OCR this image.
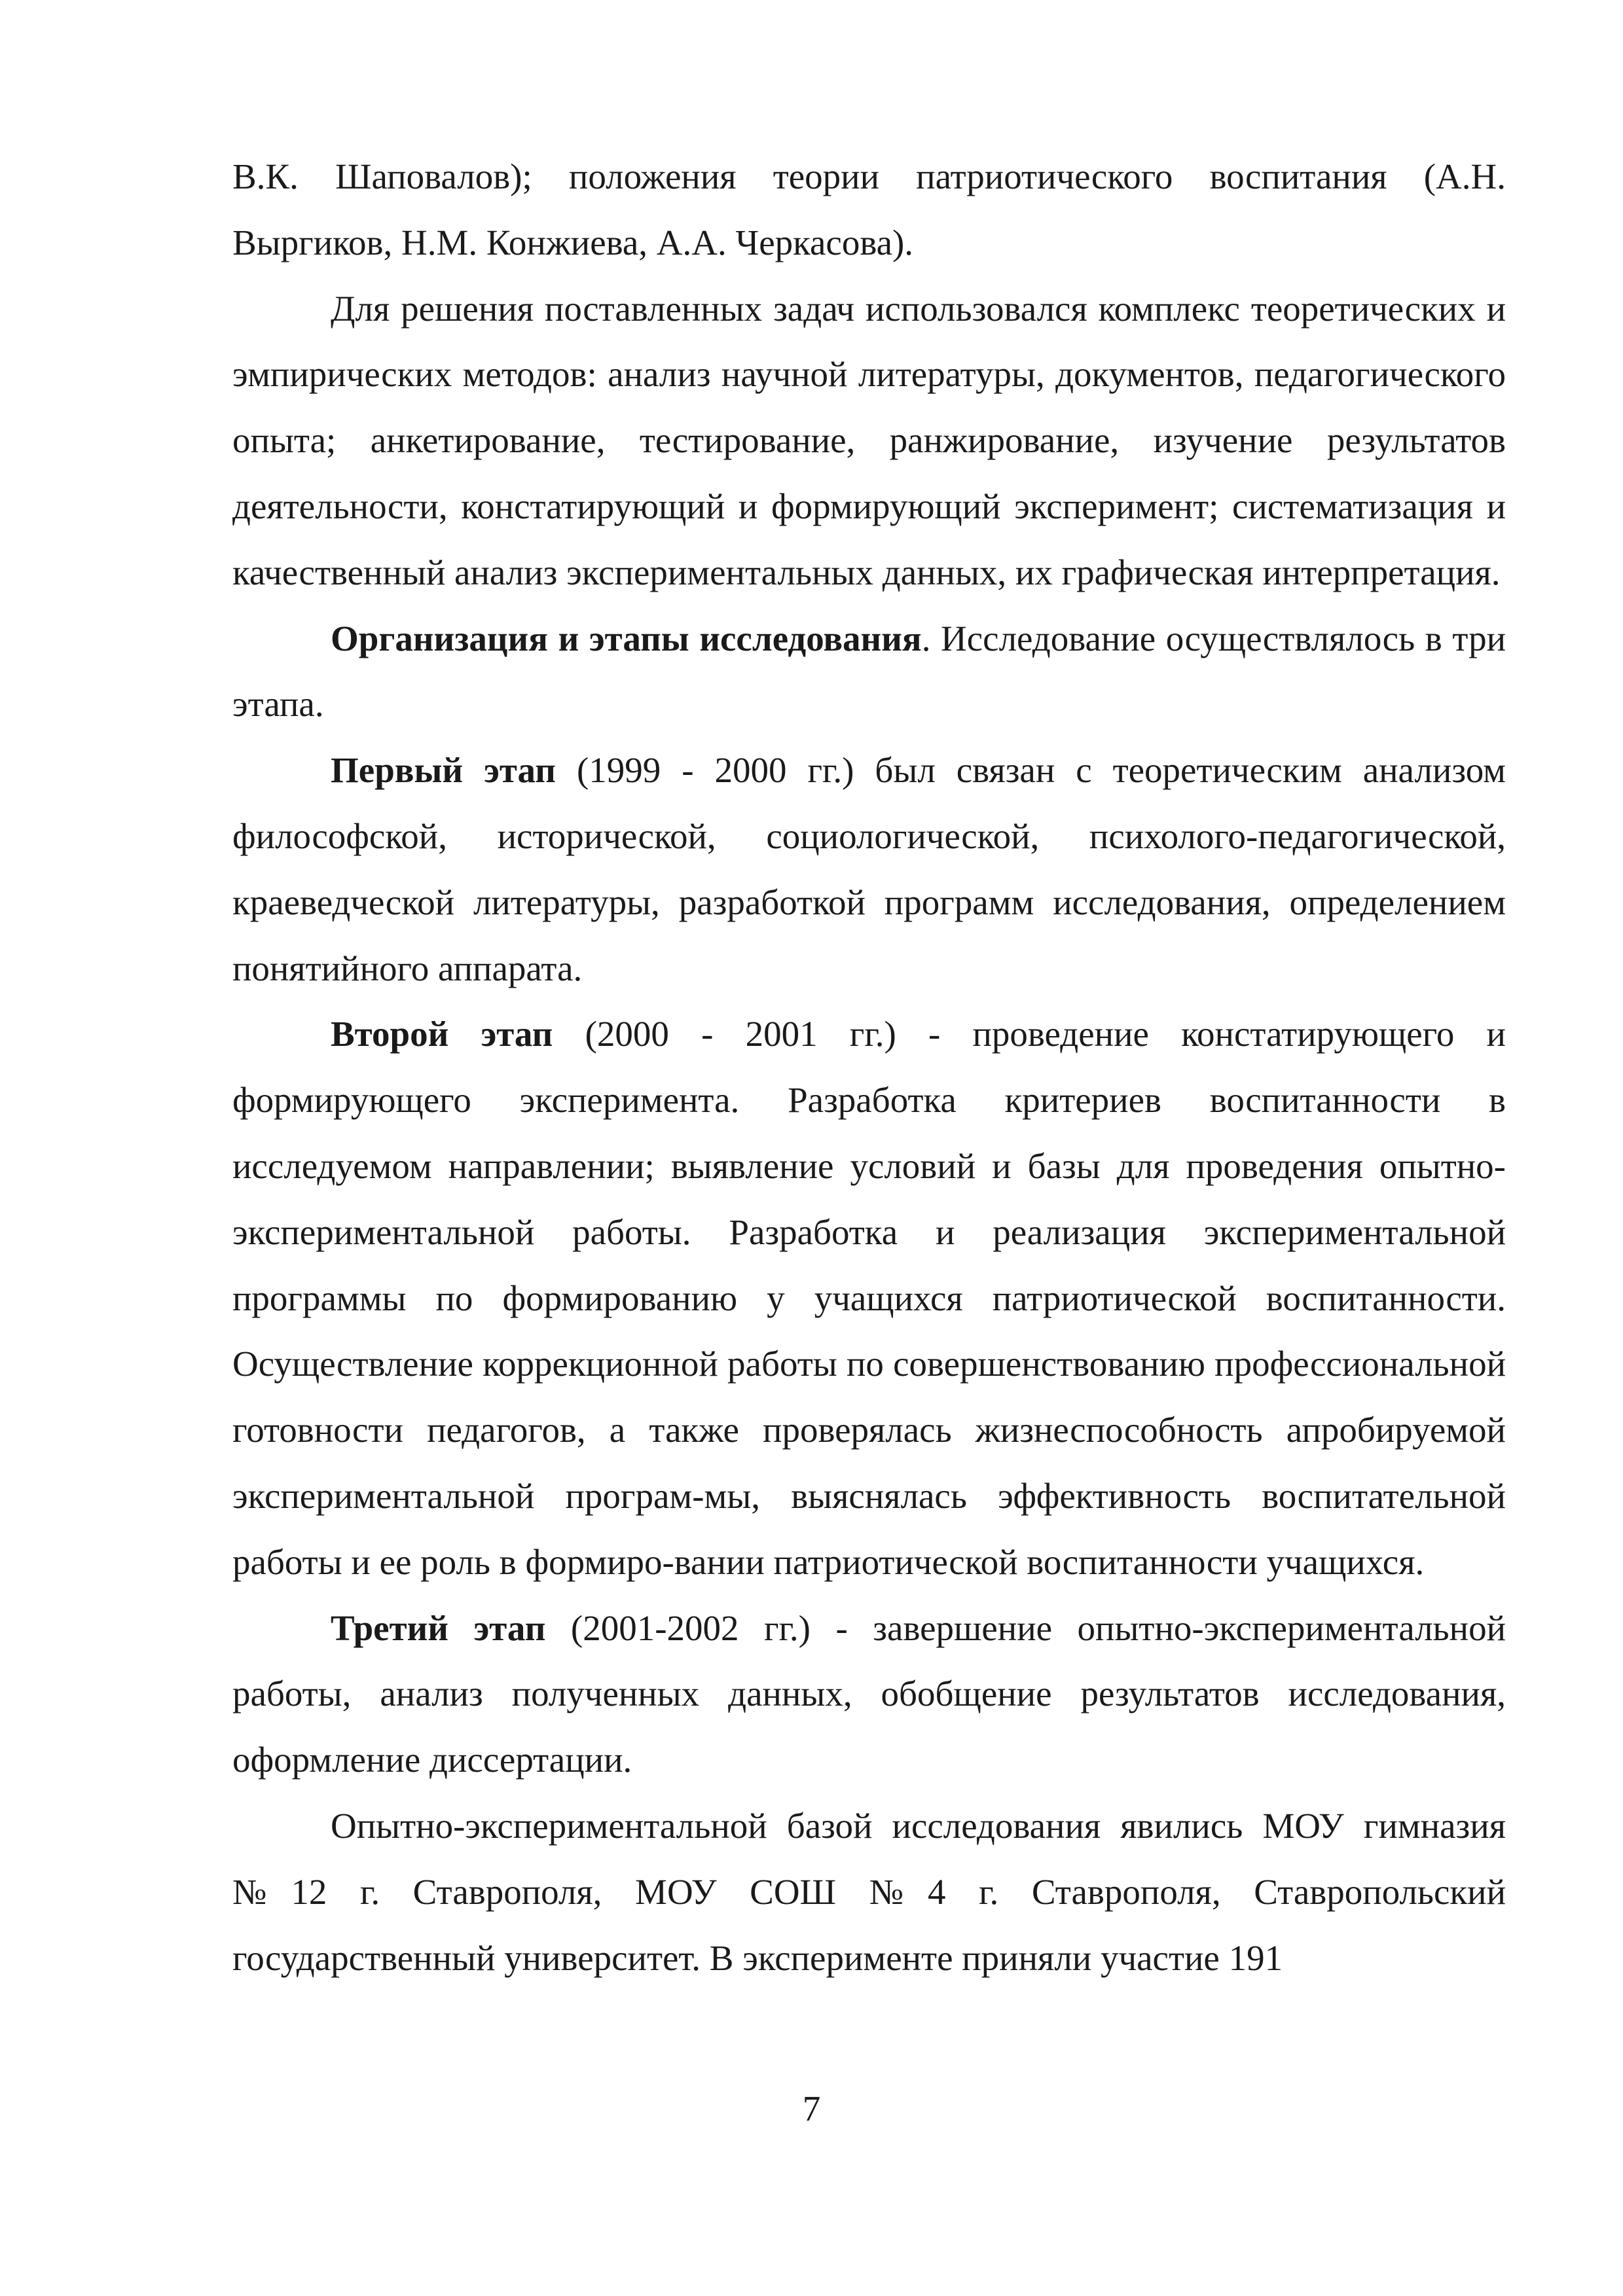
В.К. Шаповалов); положения теории патриотического воспитания (А.Н. Выргиков, Н.М. Конжиева, А.А. Черкасова).

Для решения поставленных задач использовался комплекс теоретических и эмпирических методов: анализ научной литературы, документов, педагогического опыта; анкетирование, тестирование, ранжирование, изучение результатов деятельности, констатирующий и формирующий эксперимент; систематизация и качественный анализ экспериментальных данных, их графическая интерпретация.

Организация и этапы исследования. Исследование осуществлялось в три этапа.

Первый этап (1999 - 2000 гг.) был связан с теоретическим анализом философской, исторической, социологической, психолого-педагогической, краеведческой литературы, разработкой программ исследования, определением понятийного аппарата.

Второй этап (2000 - 2001 гг.) - проведение констатирующего и формирующего эксперимента. Разработка критериев воспитанности в исследуемом направлении; выявление условий и базы для проведения опытно-экспериментальной работы. Разработка и реализация экспериментальной программы по формированию у учащихся патриотической воспитанности. Осуществление коррекционной работы по совершенствованию профессиональной готовности педагогов, а также проверялась жизнеспособность апробируемой экспериментальной програм-мы, выяснялась эффективность воспитательной работы и ее роль в формиро-вании патриотической воспитанности учащихся.

Третий этап (2001-2002 гг.) - завершение опытно-экспериментальной работы, анализ полученных данных, обобщение результатов исследования, оформление диссертации.

Опытно-экспериментальной базой исследования явились МОУ гимназия №12 г. Ставрополя, МОУ СОШ №4 г. Ставрополя, Ставропольский государственный университет. В эксперименте приняли участие 191

7
